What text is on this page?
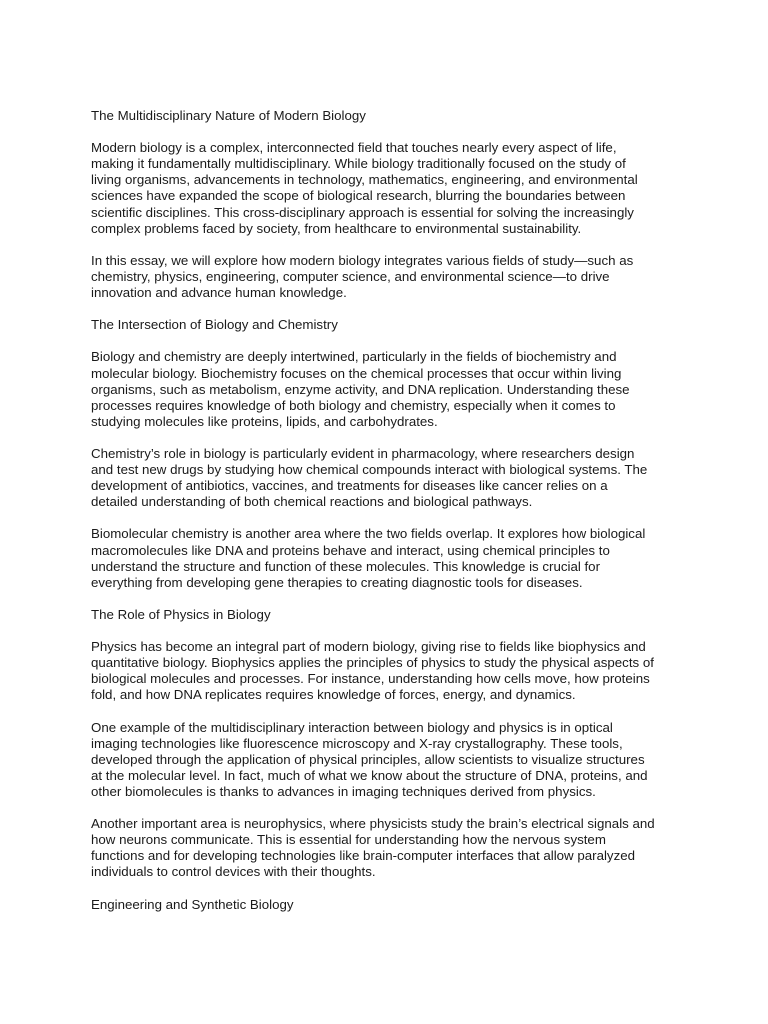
The Multidisciplinary Nature of Modern Biology

Modern biology is a complex, interconnected field that touches nearly every aspect of life,
making it fundamentally multidisciplinary. While biology traditionally focused on the study of
living organisms, advancements in technology, mathematics, engineering, and environmental
sciences have expanded the scope of biological research, blurring the boundaries between
scientific disciplines. This cross-disciplinary approach is essential for solving the increasingly
complex problems faced by society, from healthcare to environmental sustainability.

In this essay, we will explore how modern biology integrates various fields of study—such as
chemistry, physics, engineering, computer science, and environmental science—to drive
innovation and advance human knowledge.

The Intersection of Biology and Chemistry

Biology and chemistry are deeply intertwined, particularly in the fields of biochemistry and
molecular biology. Biochemistry focuses on the chemical processes that occur within living
organisms, such as metabolism, enzyme activity, and DNA replication. Understanding these
processes requires knowledge of both biology and chemistry, especially when it comes to
studying molecules like proteins, lipids, and carbohydrates.

Chemistry’s role in biology is particularly evident in pharmacology, where researchers design
and test new drugs by studying how chemical compounds interact with biological systems. The
development of antibiotics, vaccines, and treatments for diseases like cancer relies on a
detailed understanding of both chemical reactions and biological pathways.

Biomolecular chemistry is another area where the two fields overlap. It explores how biological
macromolecules like DNA and proteins behave and interact, using chemical principles to
understand the structure and function of these molecules. This knowledge is crucial for
everything from developing gene therapies to creating diagnostic tools for diseases.

The Role of Physics in Biology

Physics has become an integral part of modern biology, giving rise to fields like biophysics and
quantitative biology. Biophysics applies the principles of physics to study the physical aspects of
biological molecules and processes. For instance, understanding how cells move, how proteins
fold, and how DNA replicates requires knowledge of forces, energy, and dynamics.

One example of the multidisciplinary interaction between biology and physics is in optical
imaging technologies like fluorescence microscopy and X-ray crystallography. These tools,
developed through the application of physical principles, allow scientists to visualize structures
at the molecular level. In fact, much of what we know about the structure of DNA, proteins, and
other biomolecules is thanks to advances in imaging techniques derived from physics.

Another important area is neurophysics, where physicists study the brain’s electrical signals and
how neurons communicate. This is essential for understanding how the nervous system
functions and for developing technologies like brain-computer interfaces that allow paralyzed
individuals to control devices with their thoughts.

Engineering and Synthetic Biology
